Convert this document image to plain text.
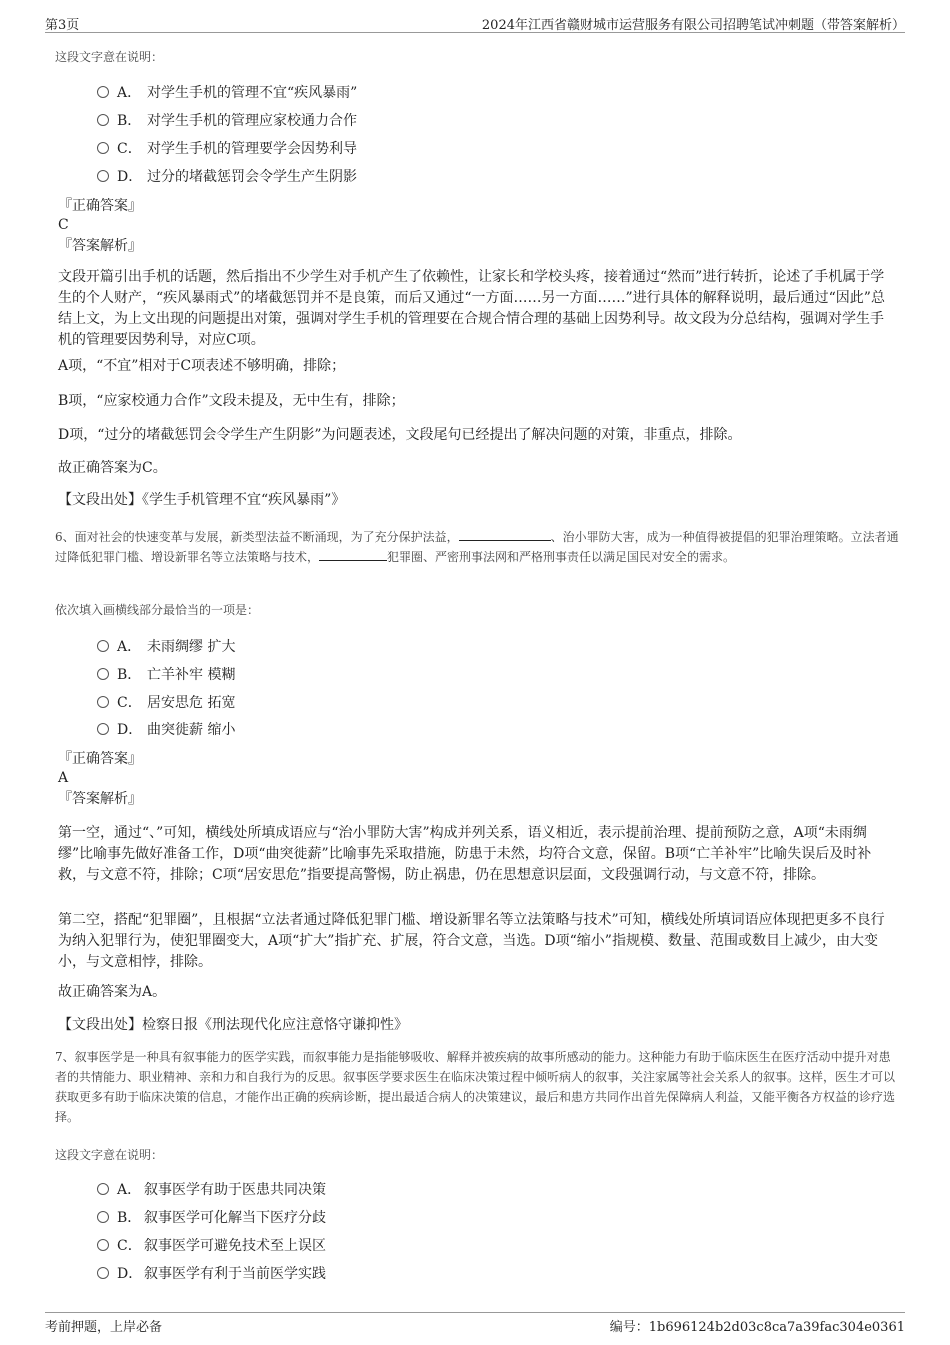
第3页	2024年江西省赣财城市运营服务有限公司招聘笔试冲刺题（带答案解析）
这段文字意在说明：
A． 对学生手机的管理不宜“疾风暴雨”
B． 对学生手机的管理应家校通力合作
C． 对学生手机的管理要学会因势利导
D． 过分的堵截惩罚会令学生产生阴影
『正确答案』
C
『答案解析』
文段开篇引出手机的话题，然后指出不少学生对手机产生了依赖性，让家长和学校头疼，接着通过“然而”进行转折，论述了手机属于学生的个人财产，“疾风暴雨式”的堵截惩罚并不是良策，而后又通过“一方面……另一方面……”进行具体的解释说明，最后通过“因此”总结上文，为上文出现的问题提出对策，强调对学生手机的管理要在合规合情合理的基础上因势利导。故文段为分总结构，强调对学生手机的管理要因势利导，对应C项。
A项，“不宜”相对于C项表述不够明确，排除；
B项，“应家校通力合作”文段未提及，无中生有，排除；
D项，“过分的堵截惩罚会令学生产生阴影”为问题表述，文段尾句已经提出了解决问题的对策，非重点，排除。
故正确答案为C。
【文段出处】《学生手机管理不宜“疾风暴雨”》
6、面对社会的快速变革与发展，新类型法益不断涌现，为了充分保护法益，	、治小罪防大害，成为一种值得被提倡的犯罪治理策略。立法者通过降低犯罪门槛、增设新罪名等立法策略与技术，	犯罪圈、严密刑事法网和严格刑事责任以满足国民对安全的需求。
依次填入画横线部分最恰当的一项是：
A． 未雨绸缪 扩大
B． 亡羊补牢 模糊
C． 居安思危 拓宽
D． 曲突徙薪 缩小
『正确答案』
A
『答案解析』
第一空，通过“、”可知，横线处所填成语应与“治小罪防大害”构成并列关系，语义相近，表示提前治理、提前预防之意，A项“未雨绸缪”比喻事先做好准备工作，D项“曲突徙薪”比喻事先采取措施，防患于未然，均符合文意，保留。B项“亡羊补牢”比喻失误后及时补救，与文意不符，排除；C项“居安思危”指要提高警惕，防止祸患，仍在思想意识层面，文段强调行动，与文意不符，排除。
第二空，搭配“犯罪圈”，且根据“立法者通过降低犯罪门槛、增设新罪名等立法策略与技术”可知，横线处所填词语应体现把更多不良行为纳入犯罪行为，使犯罪圈变大，A项“扩大”指扩充、扩展，符合文意，当选。D项“缩小”指规模、数量、范围或数目上减少，由大变小，与文意相悖，排除。
故正确答案为A。
【文段出处】检察日报《刑法现代化应注意恪守谦抑性》
7、叙事医学是一种具有叙事能力的医学实践，而叙事能力是指能够吸收、解释并被疾病的故事所感动的能力。这种能力有助于临床医生在医疗活动中提升对患者的共情能力、职业精神、亲和力和自我行为的反思。叙事医学要求医生在临床决策过程中倾听病人的叙事，关注家属等社会关系人的叙事。这样，医生才可以获取更多有助于临床决策的信息，才能作出正确的疾病诊断，提出最适合病人的决策建议，最后和患方共同作出首先保障病人利益，又能平衡各方权益的诊疗选择。
这段文字意在说明：
A． 叙事医学有助于医患共同决策
B． 叙事医学可化解当下医疗分歧
C． 叙事医学可避免技术至上误区
D． 叙事医学有利于当前医学实践
考前押题，上岸必备	编号：1b696124b2d03c8ca7a39fac304e0361
